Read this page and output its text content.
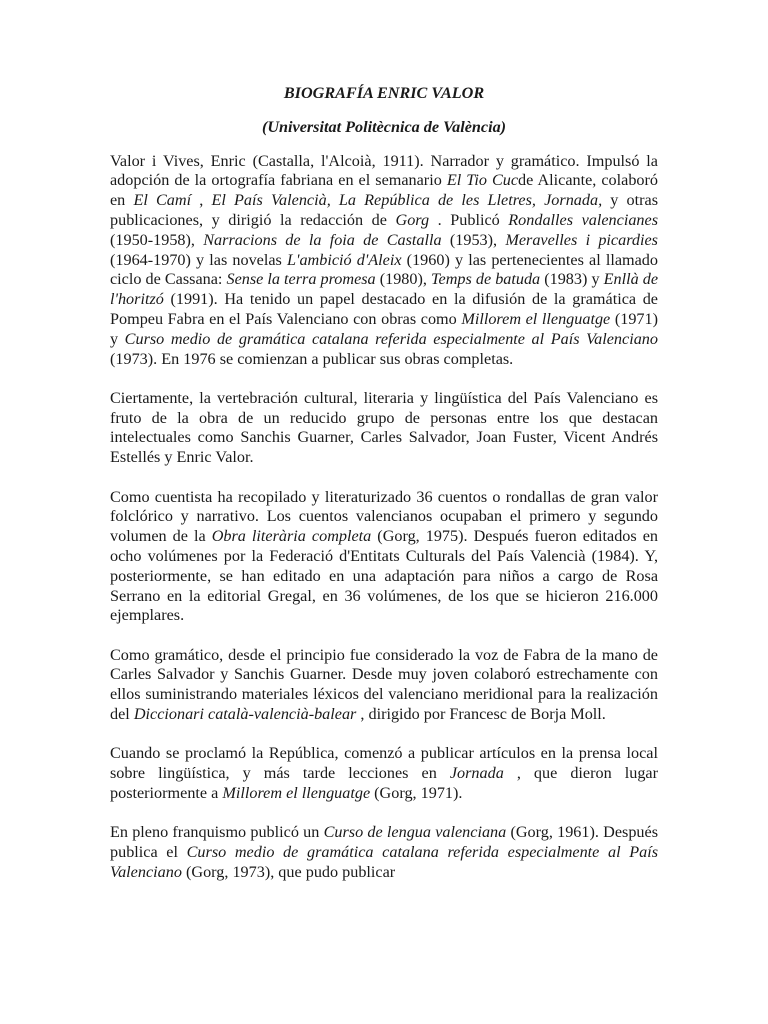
BIOGRAFÍA ENRIC VALOR

(Universitat Politècnica de València)

Valor i Vives, Enric (Castalla, l'Alcoià, 1911). Narrador y gramático. Impulsó la adopción de la ortografía fabriana en el semanario El Tio Cucde Alicante, colaboró en El Camí , El País Valencià, La República de les Lletres, Jornada, y otras publicaciones, y dirigió la redacción de Gorg . Publicó Rondalles valencianes (1950-1958), Narracions de la foia de Castalla (1953), Meravelles i picardies (1964-1970) y las novelas L'ambició d'Aleix (1960) y las pertenecientes al llamado ciclo de Cassana: Sense la terra promesa (1980), Temps de batuda (1983) y Enllà de l'horitzó (1991). Ha tenido un papel destacado en la difusión de la gramática de Pompeu Fabra en el País Valenciano con obras como Millorem el llenguatge (1971) y Curso medio de gramática catalana referida especialmente al País Valenciano (1973). En 1976 se comienzan a publicar sus obras completas.

Ciertamente, la vertebración cultural, literaria y lingüística del País Valenciano es fruto de la obra de un reducido grupo de personas entre los que destacan intelectuales como Sanchis Guarner, Carles Salvador, Joan Fuster, Vicent Andrés Estellés y Enric Valor.

Como cuentista ha recopilado y literaturizado 36 cuentos o rondallas de gran valor folclórico y narrativo. Los cuentos valencianos ocupaban el primero y segundo volumen de la Obra literària completa (Gorg, 1975). Después fueron editados en ocho volúmenes por la Federació d'Entitats Culturals del País Valencià (1984). Y, posteriormente, se han editado en una adaptación para niños a cargo de Rosa Serrano en la editorial Gregal, en 36 volúmenes, de los que se hicieron 216.000 ejemplares.

Como gramático, desde el principio fue considerado la voz de Fabra de la mano de Carles Salvador y Sanchis Guarner. Desde muy joven colaboró estrechamente con ellos suministrando materiales léxicos del valenciano meridional para la realización del Diccionari català-valencià-balear , dirigido por Francesc de Borja Moll.

Cuando se proclamó la República, comenzó a publicar artículos en la prensa local sobre lingüística, y más tarde lecciones en Jornada , que dieron lugar posteriormente a Millorem el llenguatge (Gorg, 1971).

En pleno franquismo publicó un Curso de lengua valenciana (Gorg, 1961). Después publica el Curso medio de gramática catalana referida especialmente al País Valenciano (Gorg, 1973), que pudo publicar
